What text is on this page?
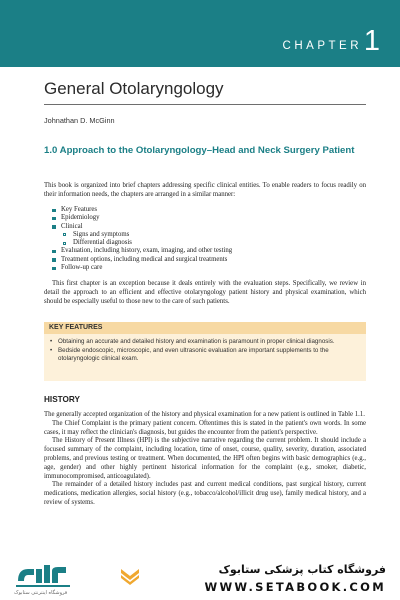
CHAPTER 1
General Otolaryngology
Johnathan D. McGinn
1.0 Approach to the Otolaryngology–Head and Neck Surgery Patient

This book is organized into brief chapters addressing specific clinical entities. To enable readers to focus readily on their information needs, the chapters are arranged in a similar manner:

Key Features
Epidemiology
Clinical
Signs and symptoms
Differential diagnosis
Evaluation, including history, exam, imaging, and other testing
Treatment options, including medical and surgical treatments
Follow-up care

This first chapter is an exception because it deals entirely with the evaluation steps. Specifically, we review in detail the approach to an efficient and effective otolaryngology patient history and physical examination, which should be especially useful to those new to the care of such patients.

KEY FEATURES
• Obtaining an accurate and detailed history and examination is paramount in proper clinical diagnosis.
• Bedside endoscopic, microscopic, and even ultrasonic evaluation are important supplements to the otolaryngologic clinical exam.
HISTORY

The generally accepted organization of the history and physical examination for a new patient is outlined in Table 1.1.

The Chief Complaint is the primary patient concern. Oftentimes this is stated in the patient's own words. In some cases, it may reflect the clinician's diagnosis, but guides the encounter from the patient's perspective.

The History of Present Illness (HPI) is the subjective narrative regarding the current problem. It should include a focused summary of the complaint, including location, time of onset, course, quality, severity, duration, associated problems, and previous testing or treatment. When documented, the HPI often begins with basic demographics (e.g., age, gender) and other highly pertinent historical information for the complaint (e.g., smoker, diabetic, immunocompromised, anticoagulated).

The remainder of a detailed history includes past and current medical conditions, past surgical history, current medications, medication allergies, social history (e.g., tobacco/alcohol/illicit drug use), family medical history, and a review of systems.

فروشگاه اینترنتی ستابوک
فروشگاه کتاب پزشکی ستابوک
WWW.SETABOOK.COM
